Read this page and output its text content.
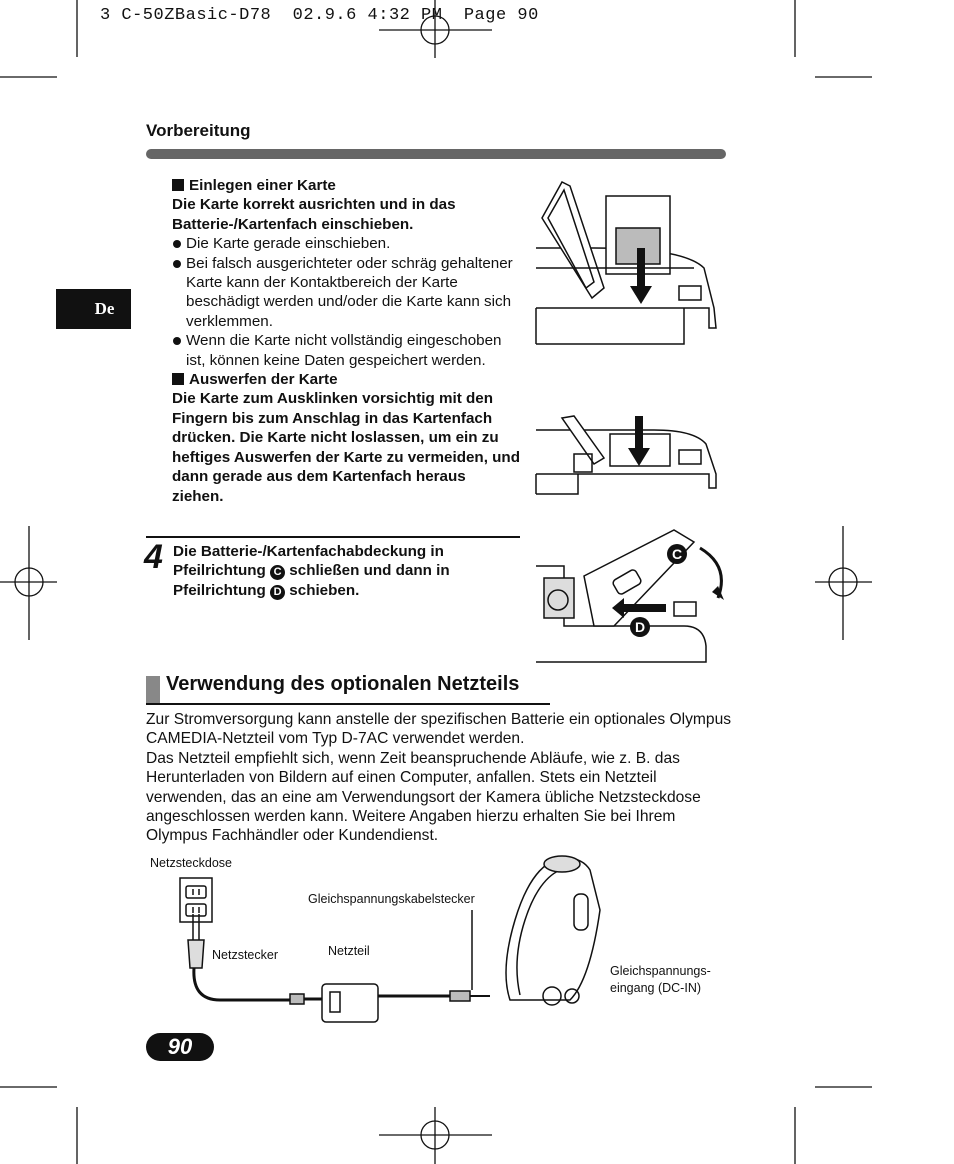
3 C-50ZBasic-D78  02.9.6 4:32 PM  Page 90
Vorbereitung
De

Einlegen einer Karte

Die Karte korrekt ausrichten und in das Batterie-/Kartenfach einschieben.

Die Karte gerade einschieben.

Bei falsch ausgerichteter oder schräg gehaltener Karte kann der Kontaktbereich der Karte beschädigt werden und/oder die Karte kann sich verklemmen.

Wenn die Karte nicht vollständig eingeschoben ist, können keine Daten gespeichert werden.

Auswerfen der Karte

Die Karte zum Ausklinken vorsichtig mit den Fingern bis zum Anschlag in das Kartenfach drücken. Die Karte nicht loslassen, um ein zu heftiges Auswerfen der Karte zu vermeiden, und dann gerade aus dem Kartenfach heraus ziehen.

4 Die Batterie-/Kartenfachabdeckung in Pfeilrichtung C schließen und dann in Pfeilrichtung D schieben.
C
D
Verwendung des optionalen Netzteils

Zur Stromversorgung kann anstelle der spezifischen Batterie ein optionales Olympus CAMEDIA-Netzteil vom Typ D-7AC verwendet werden.

Das Netzteil empfiehlt sich, wenn Zeit beanspruchende Abläufe, wie z. B. das Herunterladen von Bildern auf einen Computer, anfallen. Stets ein Netzteil verwenden, das an eine am Verwendungsort der Kamera übliche Netzsteckdose angeschlossen werden kann. Weitere Angaben hierzu erhalten Sie bei Ihrem Olympus Fachhändler oder Kundendienst.

Netzsteckdose
Gleichspannungskabelstecker
Netzteil
Netzstecker
Gleichspannungs-
eingang (DC-IN)
90
